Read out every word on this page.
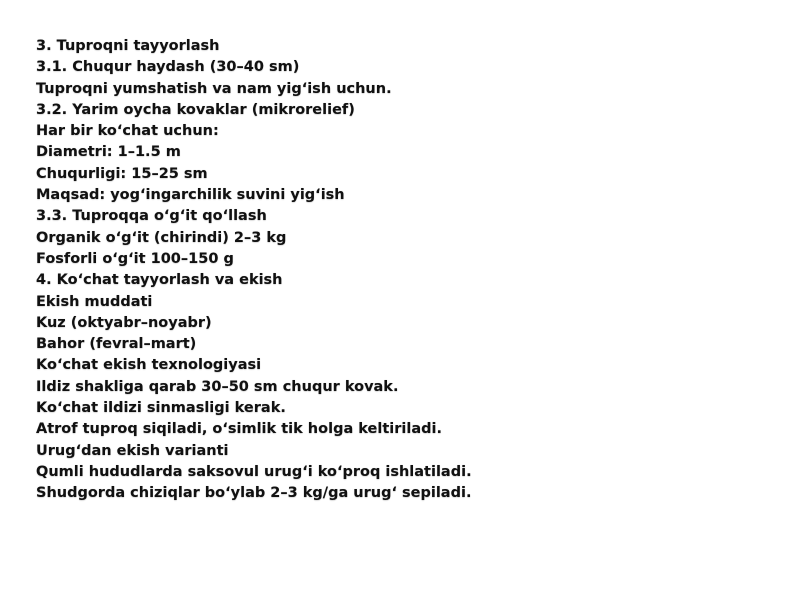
3. Tuproqni tayyorlash
3.1. Chuqur haydash (30–40 sm)
Tuproqni yumshatish va nam yig‘ish uchun.
3.2. Yarim oycha kovaklar (mikrorelief)
Har bir ko‘chat uchun:
Diametri: 1–1.5 m
Chuqurligi: 15–25 sm
Maqsad: yog‘ingarchilik suvini yig‘ish
3.3. Tuproqqa o‘g‘it qo‘llash
Organik o‘g‘it (chirindi) 2–3 kg
Fosforli o‘g‘it 100–150 g
4. Ko‘chat tayyorlash va ekish
Ekish muddati
Kuz (oktyabr–noyabr)
Bahor (fevral–mart)
Ko‘chat ekish texnologiyasi
Ildiz shakliga qarab 30–50 sm chuqur kovak.
Ko‘chat ildizi sinmasligi kerak.
Atrof tuproq siqiladi, o‘simlik tik holga keltiriladi.
Urug‘dan ekish varianti
Qumli hududlarda saksovul urug‘i ko‘proq ishlatiladi.
Shudgorda chiziqlar bo‘ylab 2–3 kg/ga urug‘ sepiladi.
